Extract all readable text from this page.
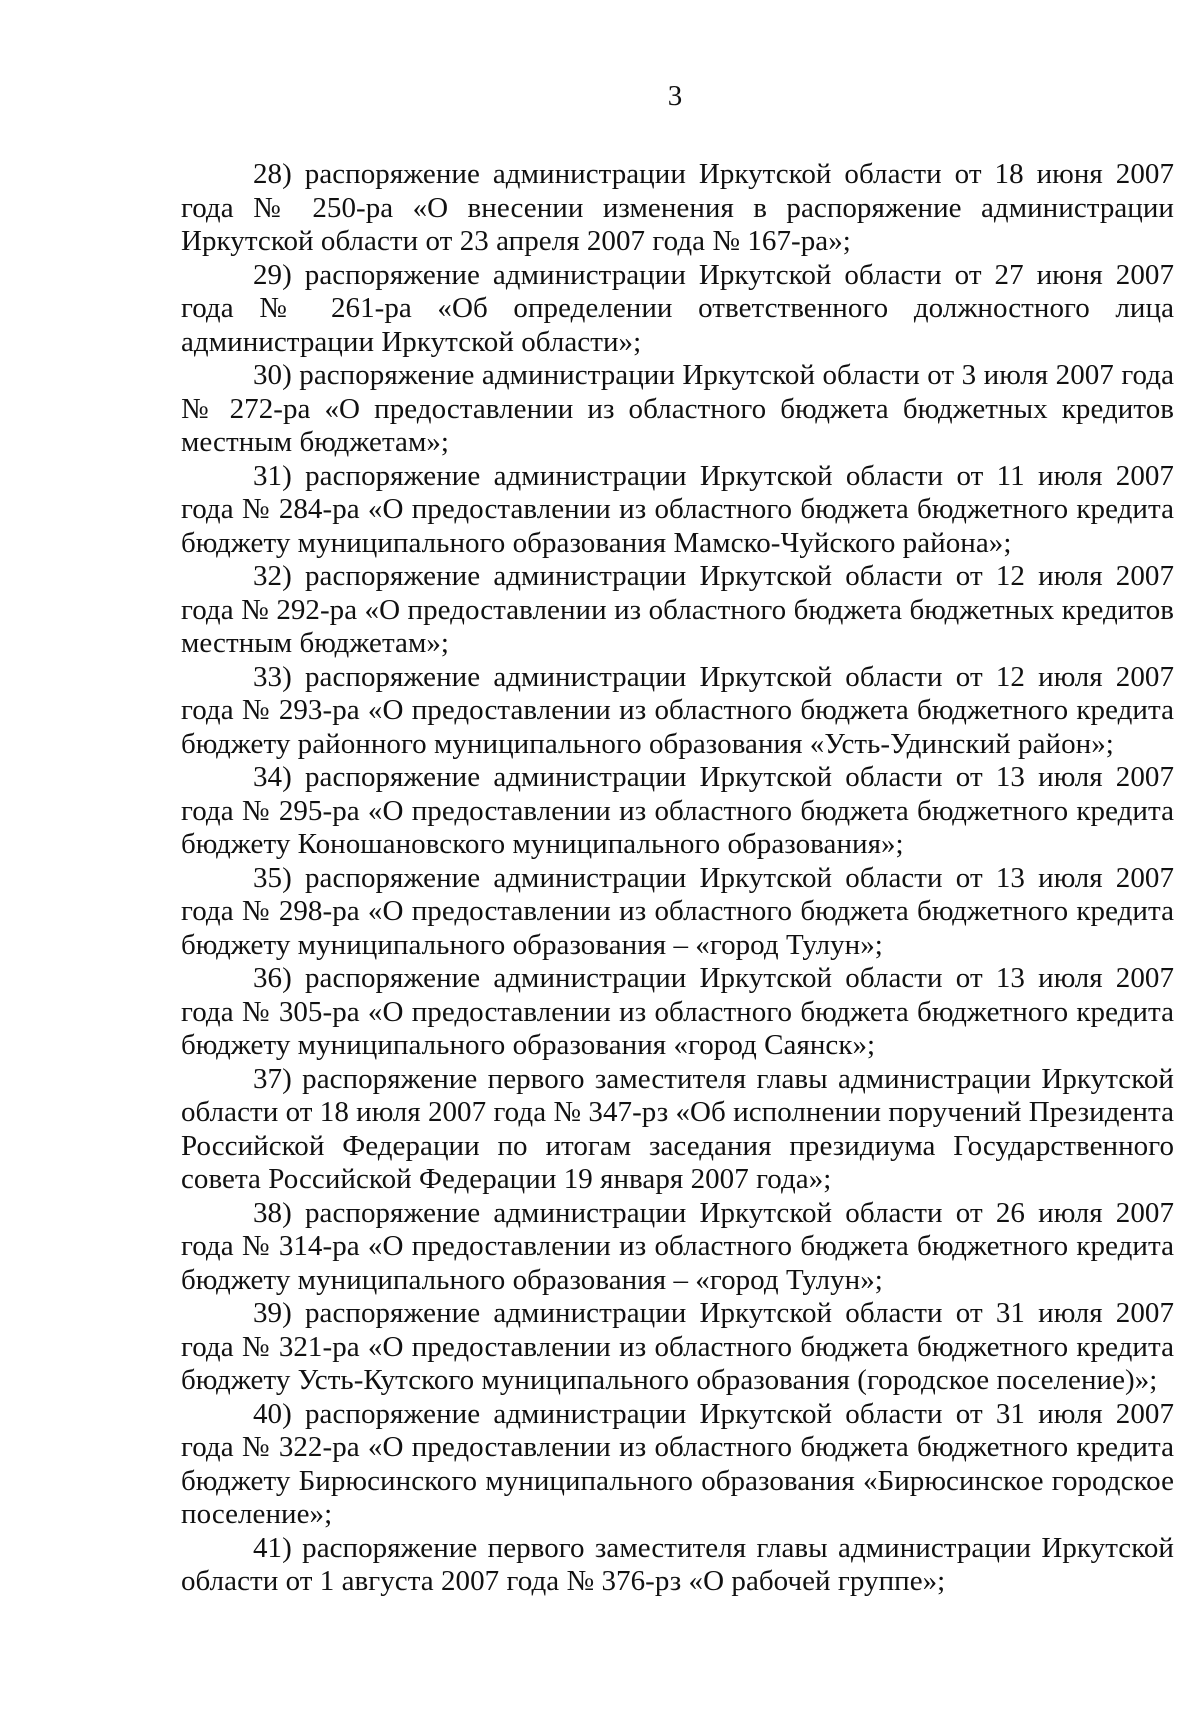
3

28) распоряжение администрации Иркутской области от 18 июня 2007 года № 250-ра «О внесении изменения в распоряжение администрации Иркутской области от 23 апреля 2007 года № 167-ра»;

29) распоряжение администрации Иркутской области от 27 июня 2007 года № 261-ра «Об определении ответственного должностного лица администрации Иркутской области»;

30) распоряжение администрации Иркутской области от 3 июля 2007 года № 272-ра «О предоставлении из областного бюджета бюджетных кредитов местным бюджетам»;

31) распоряжение администрации Иркутской области от 11 июля 2007 года № 284-ра «О предоставлении из областного бюджета бюджетного кредита бюджету муниципального образования Мамско-Чуйского района»;

32) распоряжение администрации Иркутской области от 12 июля 2007 года № 292-ра «О предоставлении из областного бюджета бюджетных кредитов местным бюджетам»;

33) распоряжение администрации Иркутской области от 12 июля 2007 года № 293-ра «О предоставлении из областного бюджета бюджетного кредита бюджету районного муниципального образования «Усть-Удинский район»;

34) распоряжение администрации Иркутской области от 13 июля 2007 года № 295-ра «О предоставлении из областного бюджета бюджетного кредита бюджету Коношановского муниципального образования»;

35) распоряжение администрации Иркутской области от 13 июля 2007 года № 298-ра «О предоставлении из областного бюджета бюджетного кредита бюджету муниципального образования – «город Тулун»;

36) распоряжение администрации Иркутской области от 13 июля 2007 года № 305-ра «О предоставлении из областного бюджета бюджетного кредита бюджету муниципального образования «город Саянск»;

37) распоряжение первого заместителя главы администрации Иркутской области от 18 июля 2007 года № 347-рз «Об исполнении поручений Президента Российской Федерации по итогам заседания президиума Государственного совета Российской Федерации 19 января 2007 года»;

38) распоряжение администрации Иркутской области от 26 июля 2007 года № 314-ра «О предоставлении из областного бюджета бюджетного кредита бюджету муниципального образования – «город Тулун»;

39) распоряжение администрации Иркутской области от 31 июля 2007 года № 321-ра «О предоставлении из областного бюджета бюджетного кредита бюджету Усть-Кутского муниципального образования (городское поселение)»;

40) распоряжение администрации Иркутской области от 31 июля 2007 года № 322-ра «О предоставлении из областного бюджета бюджетного кредита бюджету Бирюсинского муниципального образования «Бирюсинское городское поселение»;

41) распоряжение первого заместителя главы администрации Иркутской области от 1 августа 2007 года № 376-рз «О рабочей группе»;
